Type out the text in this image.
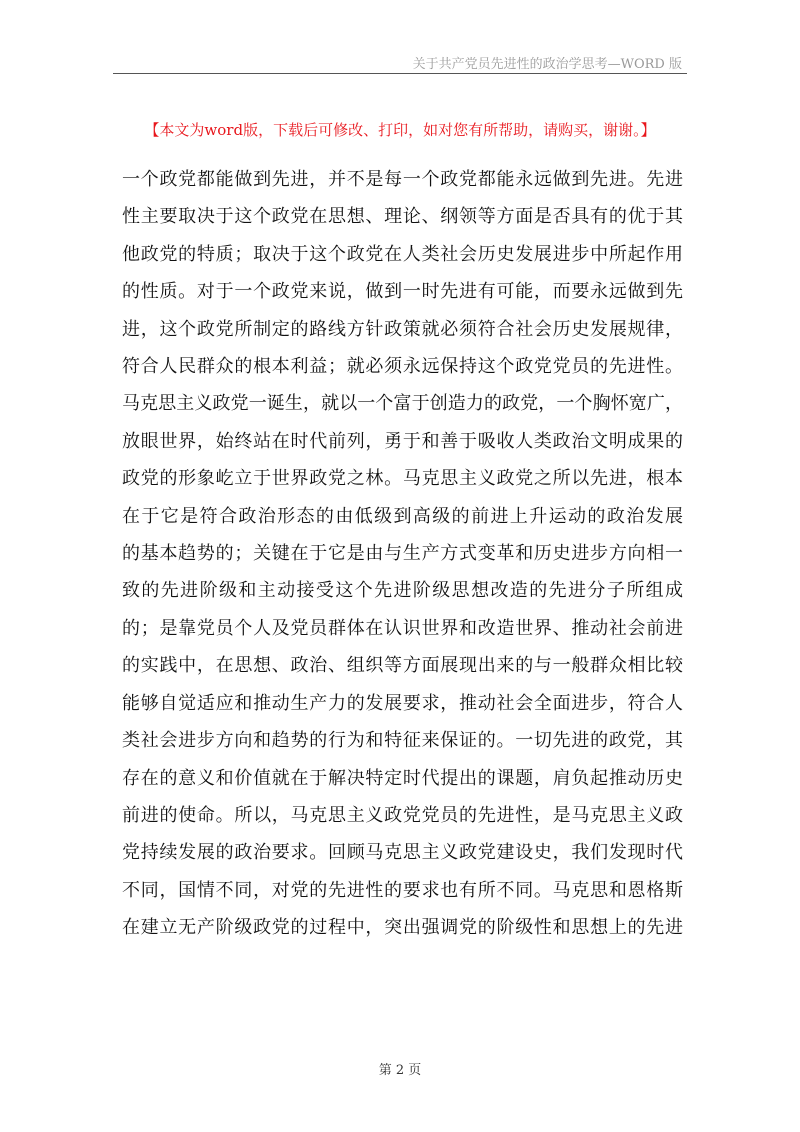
关于共产党员先进性的政治学思考—WORD 版
【本文为word版，下载后可修改、打印，如对您有所帮助，请购买，谢谢。】
一个政党都能做到先进，并不是每一个政党都能永远做到先进。先进
性主要取决于这个政党在思想、理论、纲领等方面是否具有的优于其
他政党的特质；取决于这个政党在人类社会历史发展进步中所起作用
的性质。对于一个政党来说，做到一时先进有可能，而要永远做到先
进，这个政党所制定的路线方针政策就必须符合社会历史发展规律，
符合人民群众的根本利益；就必须永远保持这个政党党员的先进性。
马克思主义政党一诞生，就以一个富于创造力的政党，一个胸怀宽广，
放眼世界，始终站在时代前列，勇于和善于吸收人类政治文明成果的
政党的形象屹立于世界政党之林。马克思主义政党之所以先进，根本
在于它是符合政治形态的由低级到高级的前进上升运动的政治发展
的基本趋势的；关键在于它是由与生产方式变革和历史进步方向相一
致的先进阶级和主动接受这个先进阶级思想改造的先进分子所组成
的；是靠党员个人及党员群体在认识世界和改造世界、推动社会前进
的实践中，在思想、政治、组织等方面展现出来的与一般群众相比较
能够自觉适应和推动生产力的发展要求，推动社会全面进步，符合人
类社会进步方向和趋势的行为和特征来保证的。一切先进的政党，其
存在的意义和价值就在于解决特定时代提出的课题，肩负起推动历史
前进的使命。所以，马克思主义政党党员的先进性，是马克思主义政
党持续发展的政治要求。回顾马克思主义政党建设史，我们发现时代
不同，国情不同，对党的先进性的要求也有所不同。马克思和恩格斯
在建立无产阶级政党的过程中，突出强调党的阶级性和思想上的先进
第 2 页
